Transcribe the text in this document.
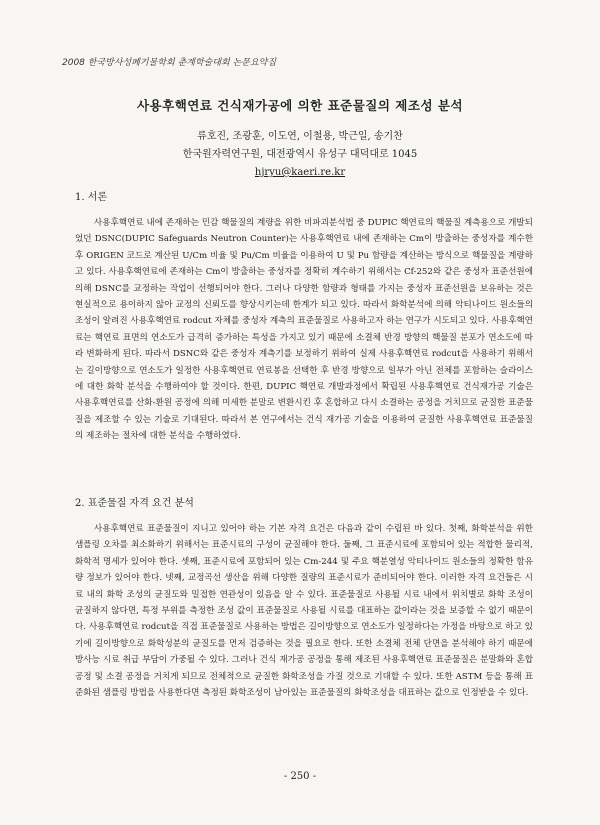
2008 한국방사성폐기물학회 춘계학술대회 논문요약집
사용후핵연료 건식재가공에 의한 표준물질의 제조성 분석
류호진, 조광훈, 이도연, 이철용, 박근일, 송기찬
한국원자력연구원, 대전광역시 유성구 대덕대로 1045
hjryu@kaeri.re.kr
1. 서론

사용후핵연료 내에 존재하는 민감 핵물질의 계량을 위한 비파괴분석법 중 DUPIC 핵연료의 핵물질 계측용으로 개발되었던 DSNC(DUPIC Safeguards Neutron Counter)는 사용후핵연료 내에 존재하는 Cm이 방출하는 중성자를 계수한 후 ORIGEN 코드로 계산된 U/Cm 비율 및 Pu/Cm 비율을 이용하여 U 및 Pu 함량을 계산하는 방식으로 핵물질을 계량하고 있다. 사용후핵연료에 존재하는 Cm이 방출하는 중성자를 정확히 계수하기 위해서는 Cf-252와 같은 중성자 표준선원에 의해 DSNC를 교정하는 작업이 선행되어야 한다. 그러나 다양한 함량과 형태를 가지는 중성자 표준선원을 보유하는 것은 현실적으로 용이하지 않아 교정의 신뢰도를 향상시키는데 한계가 되고 있다. 따라서 화학분석에 의해 악티나이드 원소들의 조성이 알려진 사용후핵연료 rodcut 자체를 중성자 계측의 표준물질로 사용하고자 하는 연구가 시도되고 있다. 사용후핵연료는 핵연료 표면의 연소도가 급격히 증가하는 특성을 가지고 있기 때문에 소결체 반경 방향의 핵물질 분포가 연소도에 따라 변화하게 된다. 따라서 DSNC와 같은 중성자 계측기를 보정하기 위하여 실제 사용후핵연료 rodcut을 사용하기 위해서는 길이방향으로 연소도가 일정한 사용후핵연료 연료봉을 선택한 후 반경 방향으로 일부가 아닌 전체를 포함하는 슬라이스에 대한 화학 분석을 수행하여야 할 것이다. 한편, DUPIC 핵연료 개발과정에서 확립된 사용후핵연료 건식재가공 기술은 사용후핵연료를 산화-환원 공정에 의해 미세한 분말로 변환시킨 후 혼합하고 다시 소결하는 공정을 거치므로 균질한 표준물질을 제조할 수 있는 기술로 기대된다. 따라서 본 연구에서는 건식 재가공 기술을 이용하여 균질한 사용후핵연료 표준물질의 제조하는 절차에 대한 분석을 수행하였다.

2. 표준물질 자격 요건 분석

사용후핵연료 표준물질이 지니고 있어야 하는 기본 자격 요건은 다음과 같이 수립된 바 있다. 첫째, 화학분석을 위한 샘플링 오차를 최소화하기 위해서는 표준시료의 구성이 균질해야 한다. 둘째, 그 표준시료에 포함되어 있는 적합한 물리적, 화학적 명세가 있어야 한다. 셋째, 표준시료에 포함되어 있는 Cm-244 및 주요 핵분열성 악티나이드 원소들의 정확한 함유량 정보가 있어야 한다. 넷째, 교정곡선 생산을 위해 다양한 질량의 표준시료가 준비되어야 한다. 이러한 자격 요건들은 시료 내의 화학 조성의 균질도와 밀접한 연관성이 있음을 알 수 있다. 표준물질로 사용될 시료 내에서 위치별로 화학 조성이 균질하지 않다면, 특정 부위를 측정한 조성 값이 표준물질로 사용될 시료를 대표하는 값이라는 것을 보증할 수 없기 때문이다. 사용후핵연료 rodcut을 직접 표준물질로 사용하는 방법은 길이방향으로 연소도가 일정하다는 가정을 바탕으로 하고 있기에 길이방향으로 화학성분의 균질도를 먼저 검증하는 것을 필요로 한다. 또한 소결체 전체 단면을 분석해야 하기 때문에 방사능 시료 취급 부담이 가중될 수 있다. 그러나 건식 재가공 공정을 통해 제조된 사용후핵연료 표준물질은 분말화와 혼합공정 및 소결 공정을 거치게 되므로 전체적으로 균질한 화학조성을 가질 것으로 기대할 수 있다. 또한 ASTM 등을 통해 표준화된 샘플링 방법을 사용한다면 측정된 화학조성이 남아있는 표준물질의 화학조성을 대표하는 값으로 인정받을 수 있다.

- 250 -
